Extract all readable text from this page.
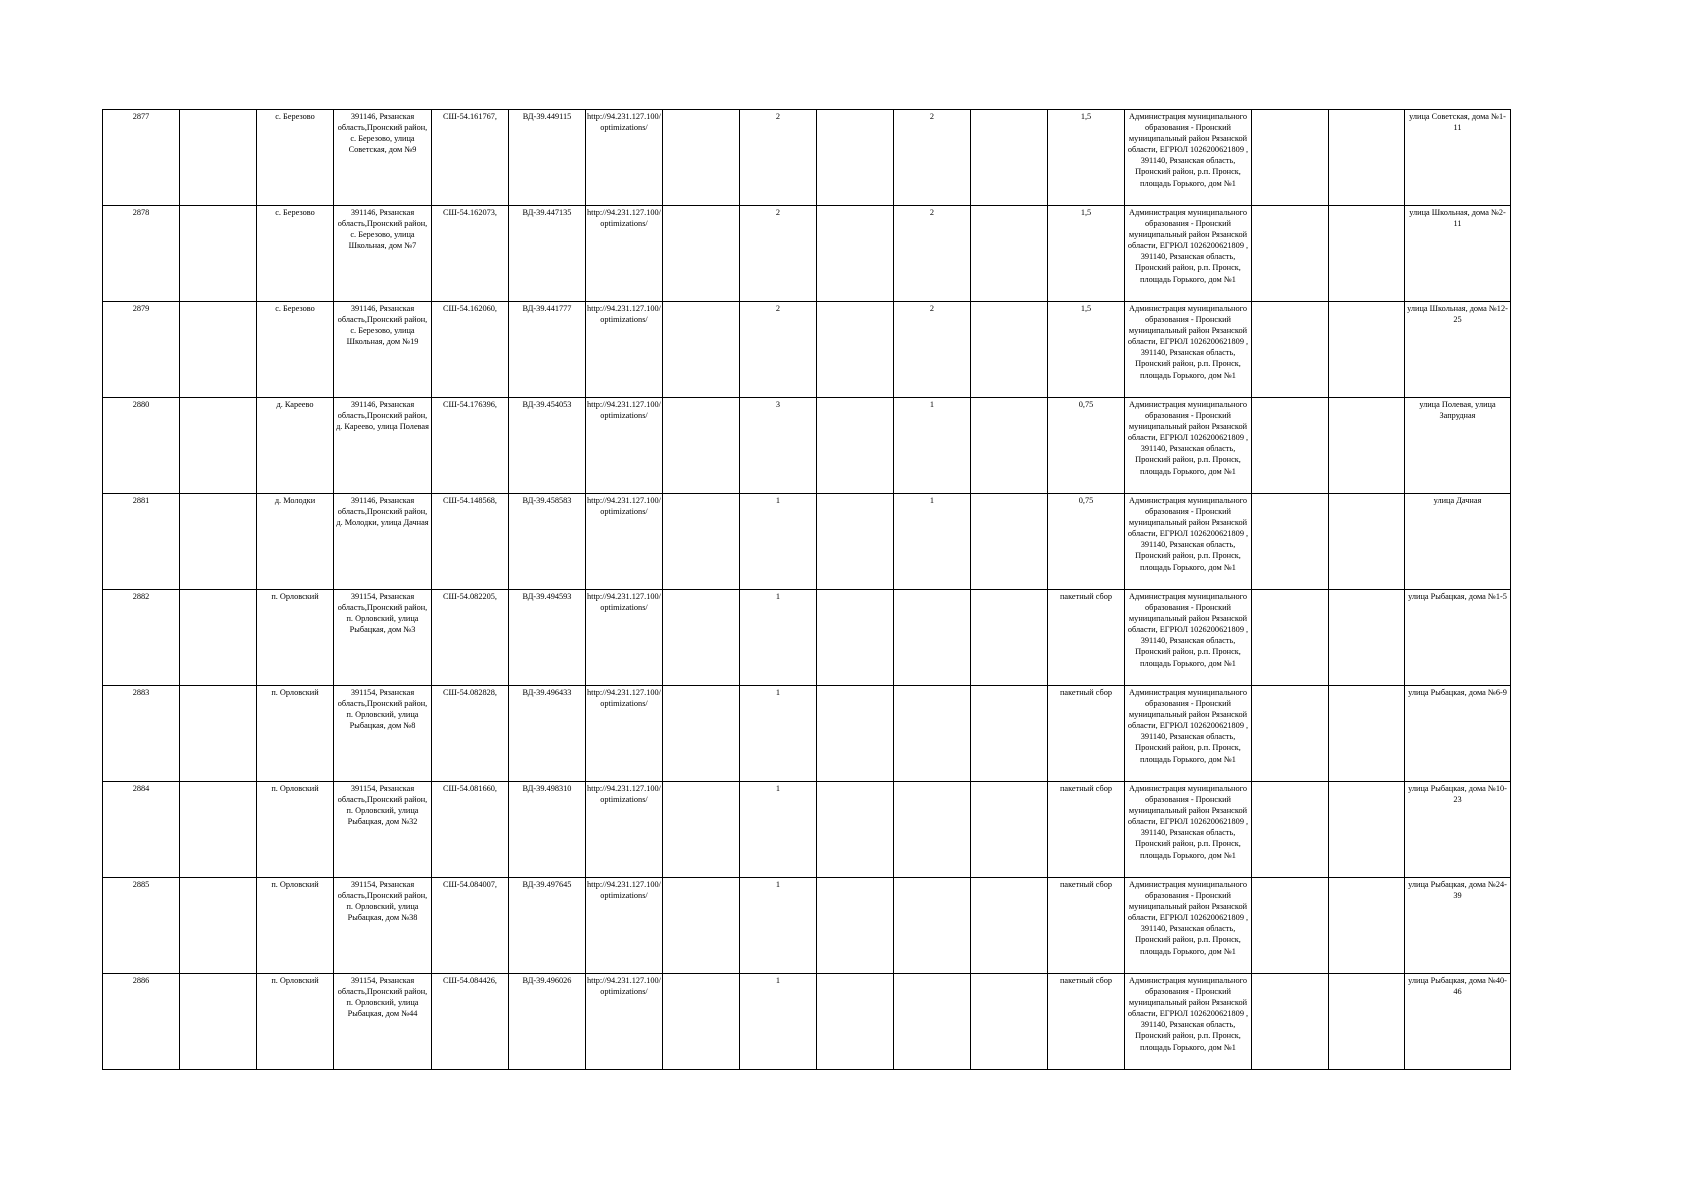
2877		с. Березово	391146, Рязанская область,Пронский район, с. Березово, улица Советская, дом №9	СШ-54.161767,	ВД-39.449115	http://94.231.127.100/optimizations/		2		2		1,5	Администрация муниципального образования - Пронский муниципальный район Рязанской области, ЕГРЮЛ 1026200621809 , 391140, Рязанская область, Пронский район, р.п. Пронск, площадь Горького, дом №1			улица Советская, дома №1-11
2878		с. Березово	391146, Рязанская область,Пронский район, с. Березово, улица Школьная, дом №7	СШ-54.162073,	ВД-39.447135	http://94.231.127.100/optimizations/		2		2		1,5	Администрация муниципального образования - Пронский муниципальный район Рязанской области, ЕГРЮЛ 1026200621809 , 391140, Рязанская область, Пронский район, р.п. Пронск, площадь Горького, дом №1			улица Школьная, дома №2-11
2879		с. Березово	391146, Рязанская область,Пронский район, с. Березово, улица Школьная, дом №19	СШ-54.162060,	ВД-39.441777	http://94.231.127.100/optimizations/		2		2		1,5	Администрация муниципального образования - Пронский муниципальный район Рязанской области, ЕГРЮЛ 1026200621809 , 391140, Рязанская область, Пронский район, р.п. Пронск, площадь Горького, дом №1			улица Школьная, дома №12-25
2880		д. Кареево	391146, Рязанская область,Пронский район, д. Кареево, улица Полевая	СШ-54.176396,	ВД-39.454053	http://94.231.127.100/optimizations/		3		1		0,75	Администрация муниципального образования - Пронский муниципальный район Рязанской области, ЕГРЮЛ 1026200621809 , 391140, Рязанская область, Пронский район, р.п. Пронск, площадь Горького, дом №1			улица Полевая, улица Запрудная
2881		д. Молодки	391146, Рязанская область,Пронский район, д. Молодки, улица Дачная	СШ-54.148568,	ВД-39.458583	http://94.231.127.100/optimizations/		1		1		0,75	Администрация муниципального образования - Пронский муниципальный район Рязанской области, ЕГРЮЛ 1026200621809 , 391140, Рязанская область, Пронский район, р.п. Пронск, площадь Горького, дом №1			улица Дачная
2882		п. Орловский	391154, Рязанская область,Пронский район, п. Орловский, улица Рыбацкая, дом №3	СШ-54.082205,	ВД-39.494593	http://94.231.127.100/optimizations/		1				пакетный сбор	Администрация муниципального образования - Пронский муниципальный район Рязанской области, ЕГРЮЛ 1026200621809 , 391140, Рязанская область, Пронский район, р.п. Пронск, площадь Горького, дом №1			улица Рыбацкая, дома №1-5
2883		п. Орловский	391154, Рязанская область,Пронский район, п. Орловский, улица Рыбацкая, дом №8	СШ-54.082828,	ВД-39.496433	http://94.231.127.100/optimizations/		1				пакетный сбор	Администрация муниципального образования - Пронский муниципальный район Рязанской области, ЕГРЮЛ 1026200621809 , 391140, Рязанская область, Пронский район, р.п. Пронск, площадь Горького, дом №1			улица Рыбацкая, дома №6-9
2884		п. Орловский	391154, Рязанская область,Пронский район, п. Орловский, улица Рыбацкая, дом №32	СШ-54.081660,	ВД-39.498310	http://94.231.127.100/optimizations/		1				пакетный сбор	Администрация муниципального образования - Пронский муниципальный район Рязанской области, ЕГРЮЛ 1026200621809 , 391140, Рязанская область, Пронский район, р.п. Пронск, площадь Горького, дом №1			улица Рыбацкая, дома №10-23
2885		п. Орловский	391154, Рязанская область,Пронский район, п. Орловский, улица Рыбацкая, дом №38	СШ-54.084007,	ВД-39.497645	http://94.231.127.100/optimizations/		1				пакетный сбор	Администрация муниципального образования - Пронский муниципальный район Рязанской области, ЕГРЮЛ 1026200621809 , 391140, Рязанская область, Пронский район, р.п. Пронск, площадь Горького, дом №1			улица Рыбацкая, дома №24-39
2886		п. Орловский	391154, Рязанская область,Пронский район, п. Орловский, улица Рыбацкая, дом №44	СШ-54.084426,	ВД-39.496026	http://94.231.127.100/optimizations/		1				пакетный сбор	Администрация муниципального образования - Пронский муниципальный район Рязанской области, ЕГРЮЛ 1026200621809 , 391140, Рязанская область, Пронский район, р.п. Пронск, площадь Горького, дом №1			улица Рыбацкая, дома №40-46
